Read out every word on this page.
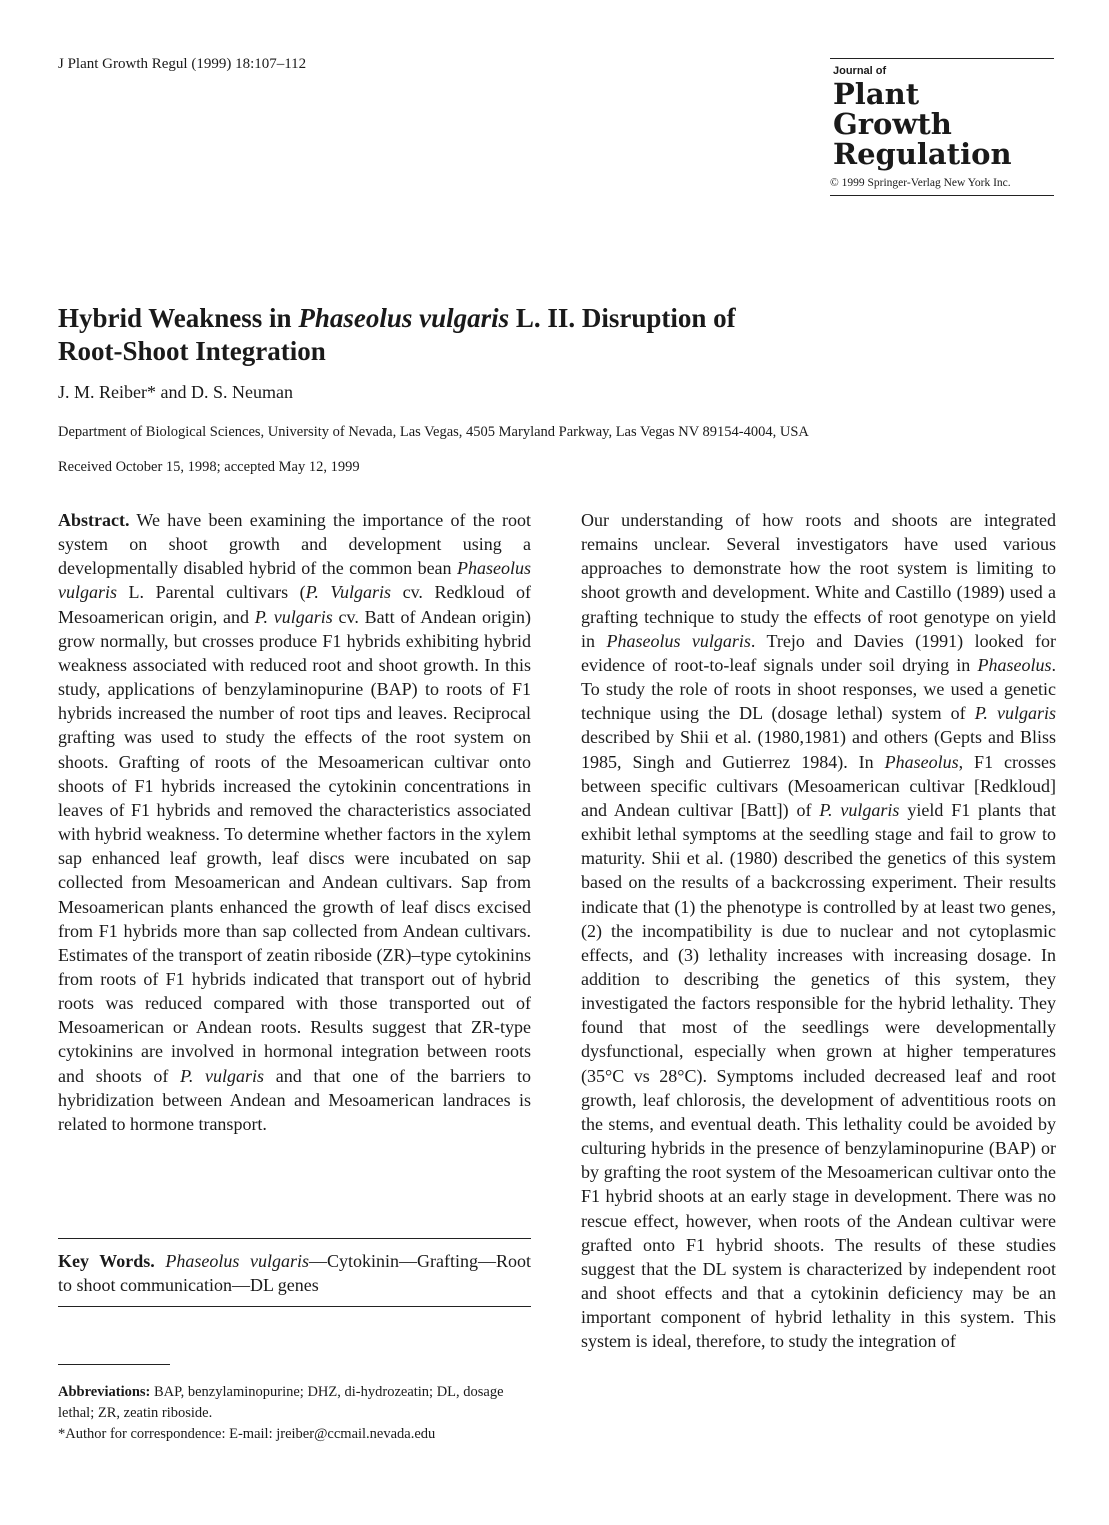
J Plant Growth Regul (1999) 18:107–112	Journal of
Plant
Growth
Regulation
© 1999 Springer-Verlag New York Inc.
Hybrid Weakness in Phaseolus vulgaris L. II. Disruption of
Root-Shoot Integration
J. M. Reiber* and D. S. Neuman
Department of Biological Sciences, University of Nevada, Las Vegas, 4505 Maryland Parkway, Las Vegas NV 89154-4004, USA
Received October 15, 1998; accepted May 12, 1999

Abstract. We have been examining the importance of the root system on shoot growth and development using a developmentally disabled hybrid of the common bean Phaseolus vulgaris L. Parental cultivars (P. Vulgaris cv. Redkloud of Mesoamerican origin, and P. vulgaris cv. Batt of Andean origin) grow normally, but crosses produce F1 hybrids exhibiting hybrid weakness associated with reduced root and shoot growth. In this study, applications of benzylaminopurine (BAP) to roots of F1 hybrids increased the number of root tips and leaves. Reciprocal grafting was used to study the effects of the root system on shoots. Grafting of roots of the Mesoamerican cultivar onto shoots of F1 hybrids increased the cytokinin concentrations in leaves of F1 hybrids and removed the characteristics associated with hybrid weakness. To determine whether factors in the xylem sap enhanced leaf growth, leaf discs were incubated on sap collected from Mesoamerican and Andean cultivars. Sap from Mesoamerican plants enhanced the growth of leaf discs excised from F1 hybrids more than sap collected from Andean cultivars. Estimates of the transport of zeatin riboside (ZR)–type cytokinins from roots of F1 hybrids indicated that transport out of hybrid roots was reduced compared with those transported out of Mesoamerican or Andean roots. Results suggest that ZR-type cytokinins are involved in hormonal integration between roots and shoots of P. vulgaris and that one of the barriers to hybridization between Andean and Mesoamerican landraces is related to hormone transport.

Key Words. Phaseolus vulgaris—Cytokinin—Grafting—Root to shoot communication—DL genes

Abbreviations: BAP, benzylaminopurine; DHZ, di-hydrozeatin; DL, dosage lethal; ZR, zeatin riboside.

*Author for correspondence: E-mail: jreiber@ccmail.nevada.edu

Our understanding of how roots and shoots are integrated remains unclear. Several investigators have used various approaches to demonstrate how the root system is limiting to shoot growth and development. White and Castillo (1989) used a grafting technique to study the effects of root genotype on yield in Phaseolus vulgaris. Trejo and Davies (1991) looked for evidence of root-to-leaf signals under soil drying in Phaseolus. To study the role of roots in shoot responses, we used a genetic technique using the DL (dosage lethal) system of P. vulgaris described by Shii et al. (1980,1981) and others (Gepts and Bliss 1985, Singh and Gutierrez 1984). In Phaseolus, F1 crosses between specific cultivars (Mesoamerican cultivar [Redkloud] and Andean cultivar [Batt]) of P. vulgaris yield F1 plants that exhibit lethal symptoms at the seedling stage and fail to grow to maturity. Shii et al. (1980) described the genetics of this system based on the results of a backcrossing experiment. Their results indicate that (1) the phenotype is controlled by at least two genes, (2) the incompatibility is due to nuclear and not cytoplasmic effects, and (3) lethality increases with increasing dosage. In addition to describing the genetics of this system, they investigated the factors responsible for the hybrid lethality. They found that most of the seedlings were developmentally dysfunctional, especially when grown at higher temperatures (35°C vs 28°C). Symptoms included decreased leaf and root growth, leaf chlorosis, the development of adventitious roots on the stems, and eventual death. This lethality could be avoided by culturing hybrids in the presence of benzylaminopurine (BAP) or by grafting the root system of the Mesoamerican cultivar onto the F1 hybrid shoots at an early stage in development. There was no rescue effect, however, when roots of the Andean cultivar were grafted onto F1 hybrid shoots. The results of these studies suggest that the DL system is characterized by independent root and shoot effects and that a cytokinin deficiency may be an important component of hybrid lethality in this system. This system is ideal, therefore, to study the integration of
